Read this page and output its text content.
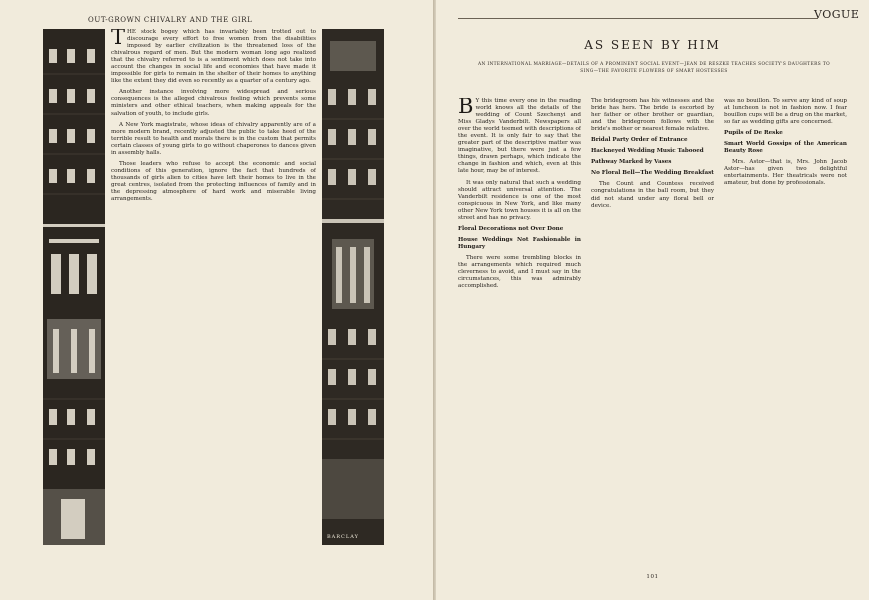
OUT-GROWN CHIVALRY AND THE GIRL
BARCLAY

THE stock bogey which has invariably been trotted out to discourage every effort to free women from the disabilities imposed by earlier civilization is the threatened loss of the chivalrous regard of men. But the modern woman long ago realized that the chivalry referred to is a sentiment which does not take into account the changes in social life and economies that have made it impossible for girls to remain in the shelter of their homes to anything like the extent they did even so recently as a quarter of a century ago.

Another instance involving more widespread and serious consequences is the alleged chivalrous feeling which prevents some ministers and other ethical teachers, when making appeals for the salvation of youth, to include girls.

A New York magistrate, whose ideas of chivalry apparently are of a more modern brand, recently adjusted the public to take heed of the terrible result to health and morals there is in the custom that permits certain classes of young girls to go without chaperones to dances given in assembly halls.

Those leaders who refuse to accept the economic and social conditions of this generation, ignore the fact that hundreds of thousands of girls alien to cities have left their homes to live in the great centres, isolated from the protecting influences of family and in the depressing atmosphere of hard work and miserable living arrangements.

VOGUE
AS SEEN BY HIM
AN INTERNATIONAL MARRIAGE—DETAILS OF A PROMINENT SOCIAL EVENT—JEAN DE RESZKE TEACHES SOCIETY'S DAUGHTERS TO SING—THE FAVORITE FLOWERS OF SMART HOSTESSES

B Y this time every one in the reading world knows all the details of the wedding of Count Szechenyi and Miss Gladys Vanderbilt. Newspapers all over the world teemed with descriptions of the event. It is only fair to say that the greater part of the descriptive matter was imaginative, but there were just a few things, drawn perhaps, which indicate the change in fashion and which, even at this late hour, may be of interest.

It was only natural that such a wedding should attract universal attention. The Vanderbilt residence is one of the most conspicuous in New York, and like many other New York town houses it is all on the street and has no privacy.

Floral Decorations not Over Done

House Weddings Not Fashionable in Hungary

There were some trembling blocks in the arrangements which required much cleverness to avoid, and I must say in the circumstances, this was admirably accomplished.

The bridegroom has his witnesses and the bride has hers. The bride is escorted by her father or other brother or guardian, and the bridegroom follows with the bride's mother or nearest female relative.

Bridal Party Order of Entrance

Hackneyed Wedding Music Tabooed

Pathway Marked by Vases

No Floral Bell—The Wedding Breakfast

The Count and Countess received congratulations in the ball room, but they did not stand under any floral bell or device.

was no bouillon. To serve any kind of soup at luncheon is not in fashion now. I fear bouillon cups will be a drug on the market, so far as wedding gifts are concerned.

Pupils of De Reske

Smart World Gossips of the American Beauty Rose

Mrs. Astor—that is, Mrs. John Jacob Astor—has given two delightful entertainments. Her theatricals were not amateur, but done by professionals.

101
